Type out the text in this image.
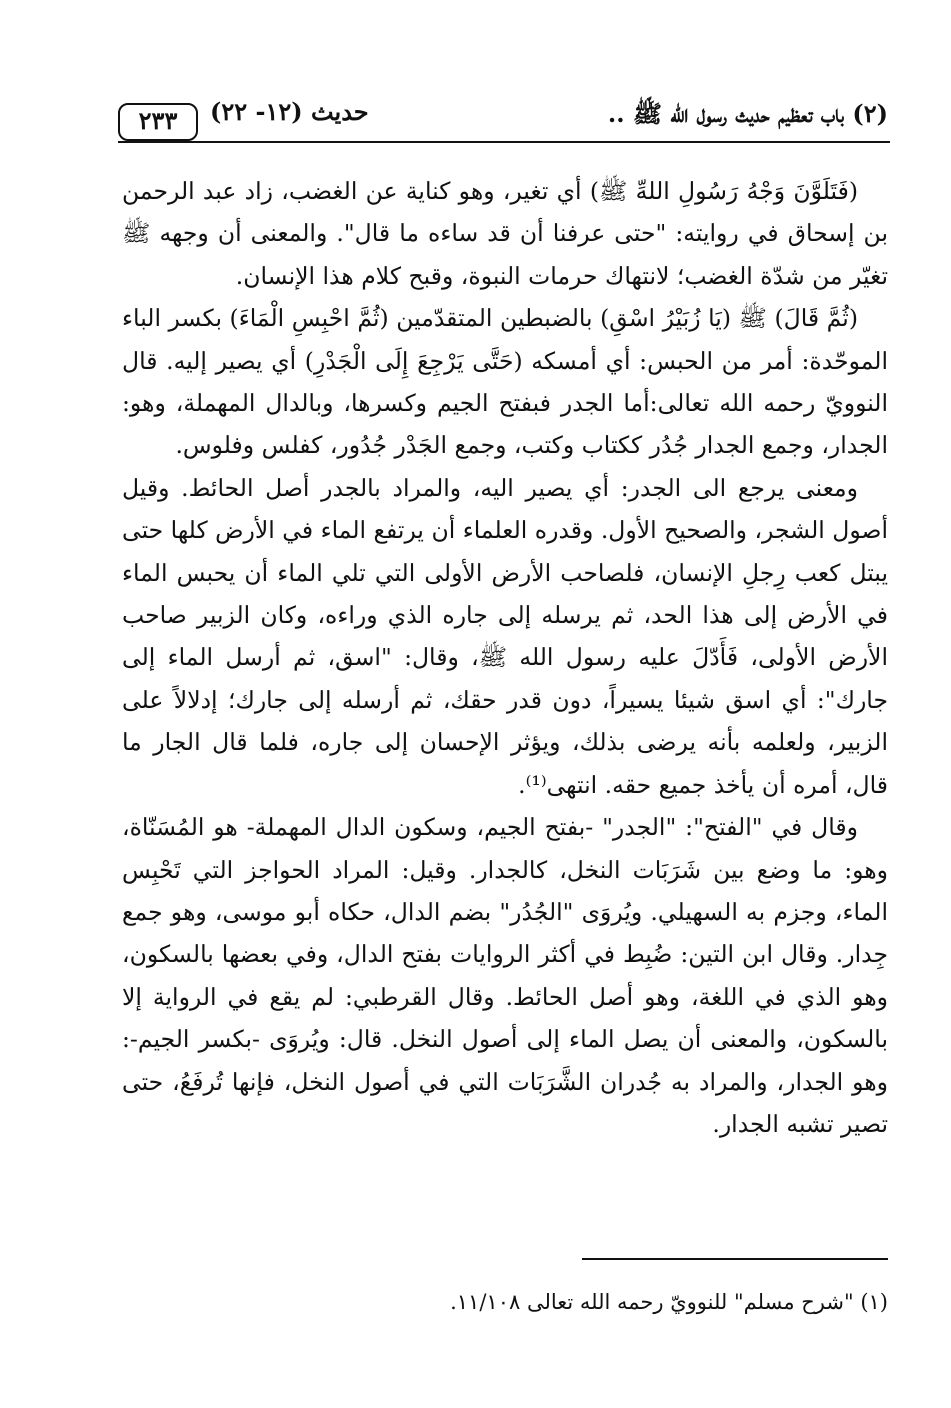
(٢) باب تعظيم حديث رسول الله ﷺ ..
حديث (١٢- ٢٢)
٢٣٣

(فَتَلَوَّنَ وَجْهُ رَسُولِ اللهِّ ﷺ) أي تغير، وهو كناية عن الغضب، زاد عبد الرحمن بن إسحاق في روايته: "حتى عرفنا أن قد ساءه ما قال". والمعنى أن وجهه ﷺ تغيّر من شدّة الغضب؛ لانتهاك حرمات النبوة، وقبح كلام هذا الإنسان.

(ثُمَّ قَالَ) ﷺ (يَا زُبَيْرُ اسْقِ) بالضبطين المتقدّمين (ثُمَّ احْبِسِ الْمَاءَ) بكسر الباء الموحّدة: أمر من الحبس: أي أمسكه (حَتَّى يَرْجِعَ إِلَى الْجَدْرِ) أي يصير إليه. قال النوويّ رحمه الله تعالى:أما الجدر فبفتح الجيم وكسرها، وبالدال المهملة، وهو: الجدار، وجمع الجدار جُدُر ككتاب وكتب، وجمع الجَدْر جُدُور، كفلس وفلوس.

ومعنى يرجع الى الجدر: أي يصير اليه، والمراد بالجدر أصل الحائط. وقيل أصول الشجر، والصحيح الأول. وقدره العلماء أن يرتفع الماء في الأرض كلها حتى يبتل كعب رِجلِ الإنسان، فلصاحب الأرض الأولى التي تلي الماء أن يحبس الماء في الأرض إلى هذا الحد، ثم يرسله إلى جاره الذي وراءه، وكان الزبير صاحب الأرض الأولى، فَأَدّلَ عليه رسول الله ﷺ، وقال: "اسق، ثم أرسل الماء إلى جارك": أي اسق شيئا يسيراً، دون قدر حقك، ثم أرسله إلى جارك؛ إدلالاً على الزبير، ولعلمه بأنه يرضى بذلك، ويؤثر الإحسان إلى جاره، فلما قال الجار ما قال، أمره أن يأخذ جميع حقه. انتهى⁽¹⁾.

وقال في "الفتح": "الجدر" -بفتح الجيم، وسكون الدال المهملة- هو المُسَنّاة، وهو: ما وضع بين شَرَبَات النخل، كالجدار. وقيل: المراد الحواجز التي تَحْبِس الماء، وجزم به السهيلي. ويُروَى "الجُدُر" بضم الدال، حكاه أبو موسى، وهو جمع جِدار. وقال ابن التين: ضُبِط في أكثر الروايات بفتح الدال، وفي بعضها بالسكون، وهو الذي في اللغة، وهو أصل الحائط. وقال القرطبي: لم يقع في الرواية إلا بالسكون، والمعنى أن يصل الماء إلى أصول النخل. قال: ويُروَى -بكسر الجيم-: وهو الجدار، والمراد به جُدران الشَّرَبَات التي في أصول النخل، فإنها تُرفَعُ، حتى تصير تشبه الجدار.

(١) "شرح مسلم" للنوويّ رحمه الله تعالى ١١/١٠٨.
